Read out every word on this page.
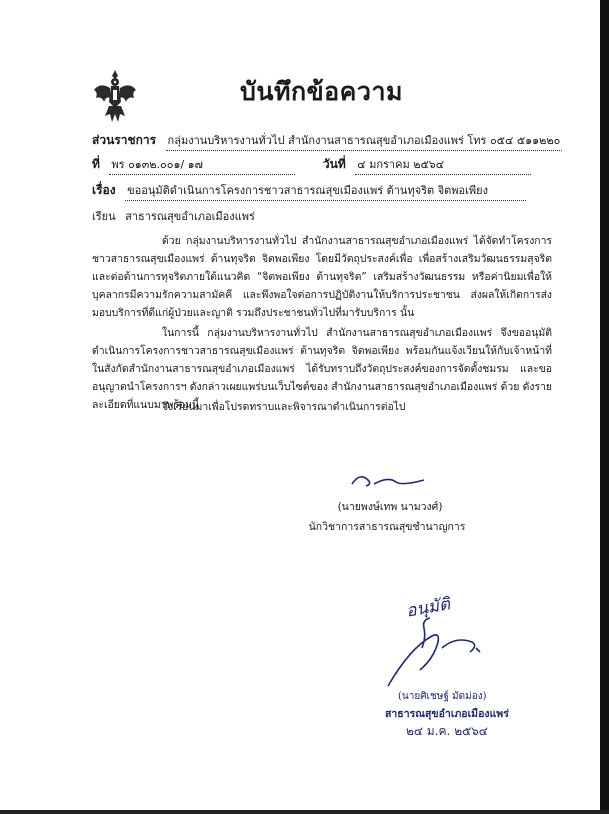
บันทึกข้อความ
ส่วนราชการ กลุ่มงานบริหารงานทั่วไป สำนักงานสาธารณสุขอำเภอเมืองแพร่ โทร ๐๕๔ ๕๑๑๒๒๐
ที่ พร ๐๑๓๒.๐๐๑/ ๑๗	วันที่ ๔ มกราคม ๒๕๖๔
เรื่อง ขออนุมัติดำเนินการโครงการชาวสาธารณสุขเมืองแพร่ ต้านทุจริต จิตพอเพียง
เรียน สาธารณสุขอำเภอเมืองแพร่
ด้วย กลุ่มงานบริหารงานทั่วไป สำนักงานสาธารณสุขอำเภอเมืองแพร่ ได้จัดทำโครงการชาวสาธารณสุขเมืองแพร่ ต้านทุจริต จิตพอเพียง โดยมีวัตถุประสงค์เพื่อ เพื่อสร้างเสริมวัฒนธรรมสุจริตและต่อต้านการทุจริตภายใต้แนวคิด “จิตพอเพียง ต้านทุจริต” เสริมสร้างวัฒนธรรม หรือค่านิยมเพื่อให้บุคลากรมีความรักความสามัคคี และพึงพอใจต่อการปฏิบัติงานให้บริการประชาชน ส่งผลให้เกิดการส่งมอบบริการที่ดีแก่ผู้ป่วยและญาติ รวมถึงประชาชนทั่วไปที่มารับบริการ นั้น
ในการนี้ กลุ่มงานบริหารงานทั่วไป สำนักงานสาธารณสุขอำเภอเมืองแพร่ จึงขออนุมัติดำเนินการโครงการชาวสาธารณสุขเมืองแพร่ ต้านทุจริต จิตพอเพียง พร้อมกันแจ้งเวียนให้กับเจ้าหน้าที่ในสังกัดสำนักงานสาธารณสุขอำเภอเมืองแพร่ ได้รับทราบถึงวัตถุประสงค์ของการจัดตั้งชมรม และขออนุญาตนำโครงการฯ ดังกล่าวเผยแพร่บนเว็บไซต์ของ สำนักงานสาธารณสุขอำเภอเมืองแพร่ ด้วย ดังรายละเอียดที่แนบมาพร้อมนี้
จึงเรียนมาเพื่อโปรดทราบและพิจารณาดำเนินการต่อไป
(นายพงษ์เทพ นามวงศ์)
นักวิชาการสาธารณสุขชำนาญการ
อนุมัติ
(นายศิเชษฐ์ มัดม่อง)
สาธารณสุขอำเภอเมืองแพร่
๒๔ ม.ค. ๒๕๖๔
